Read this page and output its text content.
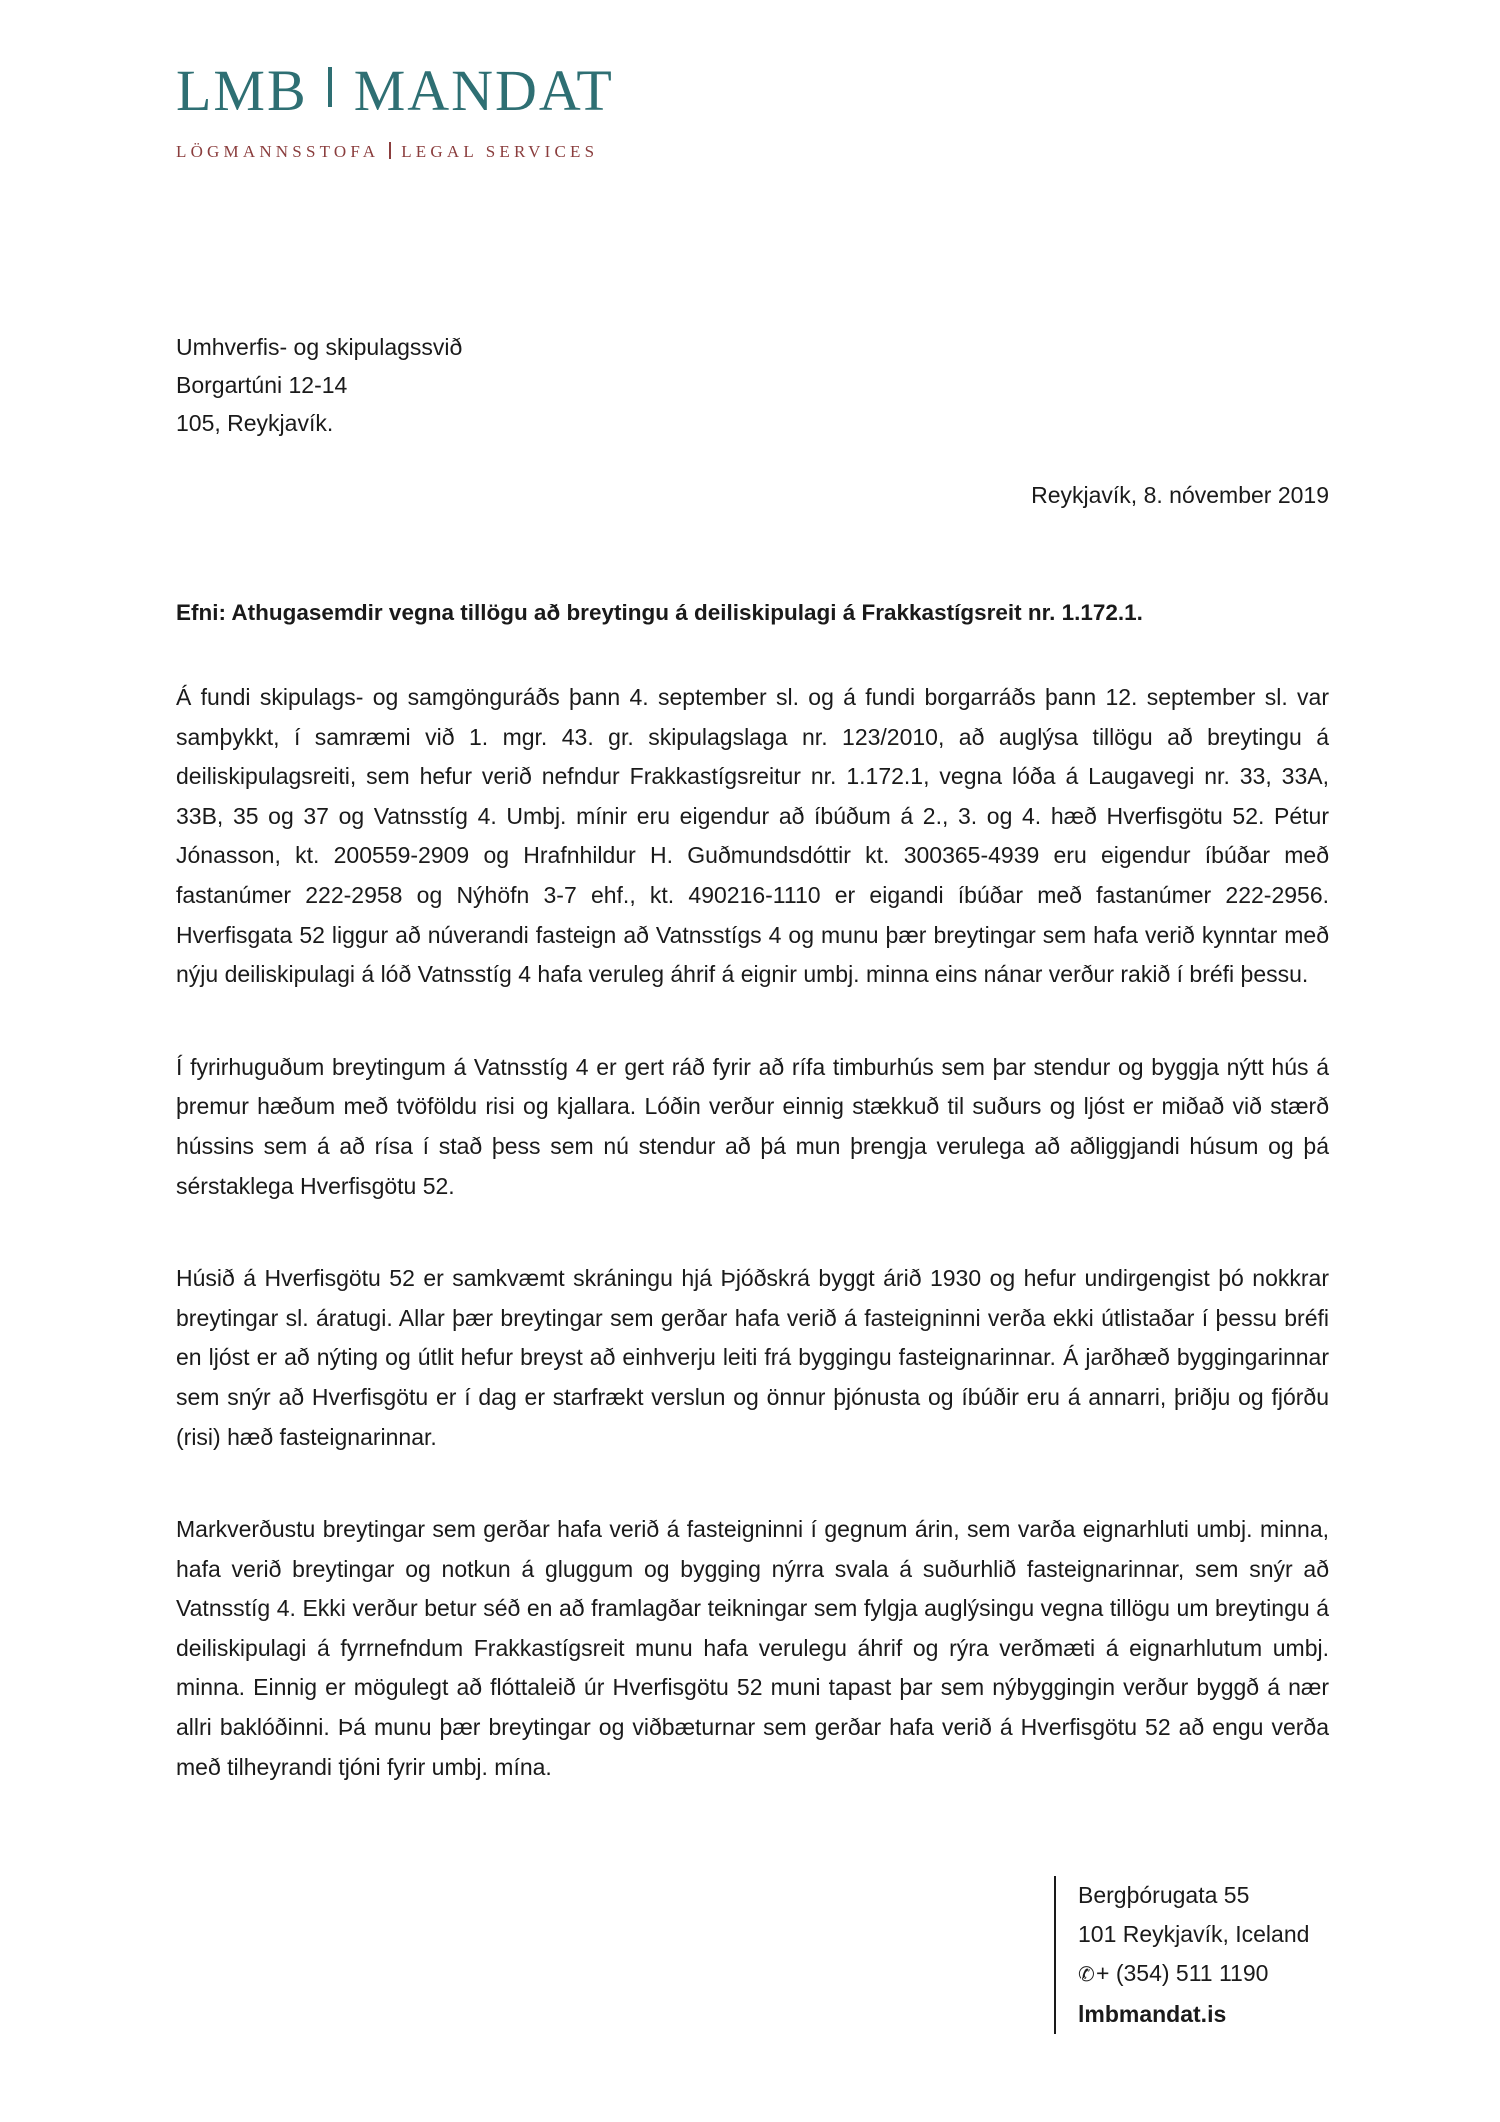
LMB MANDAT
LÖGMANNSSTOFA LEGAL SERVICES
Umhverfis- og skipulagssvið
Borgartúni 12-14
105, Reykjavík.
Reykjavík, 8. nóvember 2019
Efni: Athugasemdir vegna tillögu að breytingu á deiliskipulagi á Frakkastígsreit nr. 1.172.1.

Á fundi skipulags- og samgönguráðs þann 4. september sl. og á fundi borgarráðs þann 12. september sl. var samþykkt, í samræmi við 1. mgr. 43. gr. skipulagslaga nr. 123/2010, að auglýsa tillögu að breytingu á deiliskipulagsreiti, sem hefur verið nefndur Frakkastígsreitur nr. 1.172.1, vegna lóða á Laugavegi nr. 33, 33A, 33B, 35 og 37 og Vatnsstíg 4. Umbj. mínir eru eigendur að íbúðum á 2., 3. og 4. hæð Hverfisgötu 52. Pétur Jónasson, kt. 200559-2909 og Hrafnhildur H. Guðmundsdóttir kt. 300365-4939 eru eigendur íbúðar með fastanúmer 222-2958 og Nýhöfn 3-7 ehf., kt. 490216-1110 er eigandi íbúðar með fastanúmer 222-2956. Hverfisgata 52 liggur að núverandi fasteign að Vatnsstígs 4 og munu þær breytingar sem hafa verið kynntar með nýju deiliskipulagi á lóð Vatnsstíg 4 hafa veruleg áhrif á eignir umbj. minna eins nánar verður rakið í bréfi þessu.

Í fyrirhuguðum breytingum á Vatnsstíg 4 er gert ráð fyrir að rífa timburhús sem þar stendur og byggja nýtt hús á þremur hæðum með tvöföldu risi og kjallara. Lóðin verður einnig stækkuð til suðurs og ljóst er miðað við stærð hússins sem á að rísa í stað þess sem nú stendur að þá mun þrengja verulega að aðliggjandi húsum og þá sérstaklega Hverfisgötu 52.

Húsið á Hverfisgötu 52 er samkvæmt skráningu hjá Þjóðskrá byggt árið 1930 og hefur undirgengist þó nokkrar breytingar sl. áratugi. Allar þær breytingar sem gerðar hafa verið á fasteigninni verða ekki útlistaðar í þessu bréfi en ljóst er að nýting og útlit hefur breyst að einhverju leiti frá byggingu fasteignarinnar. Á jarðhæð byggingarinnar sem snýr að Hverfisgötu er í dag er starfrækt verslun og önnur þjónusta og íbúðir eru á annarri, þriðju og fjórðu (risi) hæð fasteignarinnar.

Markverðustu breytingar sem gerðar hafa verið á fasteigninni í gegnum árin, sem varða eignarhluti umbj. minna, hafa verið breytingar og notkun á gluggum og bygging nýrra svala á suðurhlið fasteignarinnar, sem snýr að Vatnsstíg 4. Ekki verður betur séð en að framlagðar teikningar sem fylgja auglýsingu vegna tillögu um breytingu á deiliskipulagi á fyrrnefndum Frakkastígsreit munu hafa verulegu áhrif og rýra verðmæti á eignarhlutum umbj. minna. Einnig er mögulegt að flóttaleið úr Hverfisgötu 52 muni tapast þar sem nýbyggingin verður byggð á nær allri baklóðinni. Þá munu þær breytingar og viðbæturnar sem gerðar hafa verið á Hverfisgötu 52 að engu verða með tilheyrandi tjóni fyrir umbj. mína.

Bergþórugata 55
101 Reykjavík, Iceland
✆+ (354) 511 1190
lmbmandat.is
